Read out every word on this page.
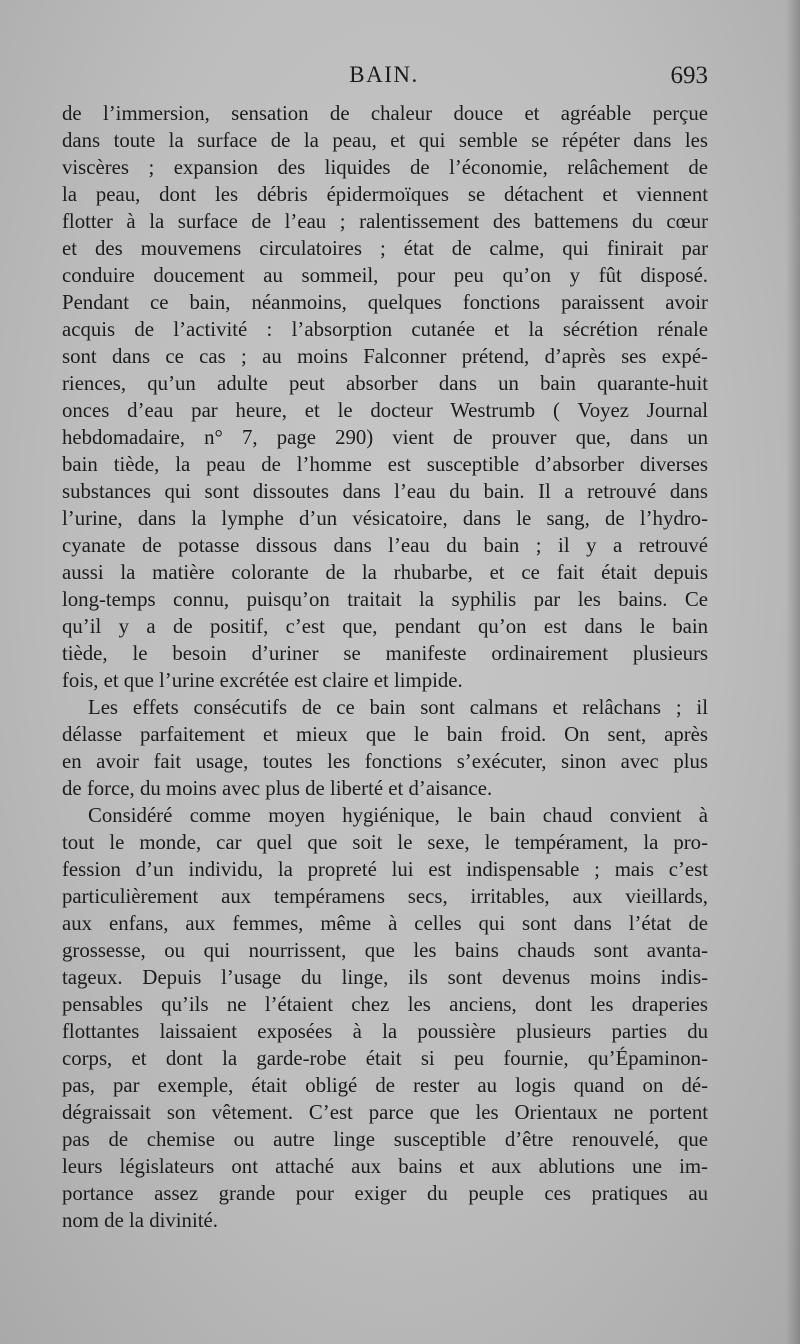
BAIN.	693
de l’immersion, sensation de chaleur douce et agréable perçue
dans toute la surface de la peau, et qui semble se répéter dans les
viscères ; expansion des liquides de l’économie, relâchement de
la peau, dont les débris épidermoïques se détachent et viennent
flotter à la surface de l’eau ; ralentissement des battemens du cœur
et des mouvemens circulatoires ; état de calme, qui finirait par
conduire doucement au sommeil, pour peu qu’on y fût disposé.
Pendant ce bain, néanmoins, quelques fonctions paraissent avoir
acquis de l’activité : l’absorption cutanée et la sécrétion rénale
sont dans ce cas ; au moins Falconner prétend, d’après ses expé-
riences, qu’un adulte peut absorber dans un bain quarante-huit
onces d’eau par heure, et le docteur Westrumb ( Voyez Journal
hebdomadaire, n° 7, page 290) vient de prouver que, dans un
bain tiède, la peau de l’homme est susceptible d’absorber diverses
substances qui sont dissoutes dans l’eau du bain. Il a retrouvé dans
l’urine, dans la lymphe d’un vésicatoire, dans le sang, de l’hydro-
cyanate de potasse dissous dans l’eau du bain ; il y a retrouvé
aussi la matière colorante de la rhubarbe, et ce fait était depuis
long-temps connu, puisqu’on traitait la syphilis par les bains. Ce
qu’il y a de positif, c’est que, pendant qu’on est dans le bain
tiède, le besoin d’uriner se manifeste ordinairement plusieurs
fois, et que l’urine excrétée est claire et limpide.
Les effets consécutifs de ce bain sont calmans et relâchans ; il
délasse parfaitement et mieux que le bain froid. On sent, après
en avoir fait usage, toutes les fonctions s’exécuter, sinon avec plus
de force, du moins avec plus de liberté et d’aisance.
Considéré comme moyen hygiénique, le bain chaud convient à
tout le monde, car quel que soit le sexe, le tempérament, la pro-
fession d’un individu, la propreté lui est indispensable ; mais c’est
particulièrement aux tempéramens secs, irritables, aux vieillards,
aux enfans, aux femmes, même à celles qui sont dans l’état de
grossesse, ou qui nourrissent, que les bains chauds sont avanta-
tageux. Depuis l’usage du linge, ils sont devenus moins indis-
pensables qu’ils ne l’étaient chez les anciens, dont les draperies
flottantes laissaient exposées à la poussière plusieurs parties du
corps, et dont la garde-robe était si peu fournie, qu’Épaminon-
pas, par exemple, était obligé de rester au logis quand on dé-
dégraissait son vêtement. C’est parce que les Orientaux ne portent
pas de chemise ou autre linge susceptible d’être renouvelé, que
leurs législateurs ont attaché aux bains et aux ablutions une im-
portance assez grande pour exiger du peuple ces pratiques au
nom de la divinité.
